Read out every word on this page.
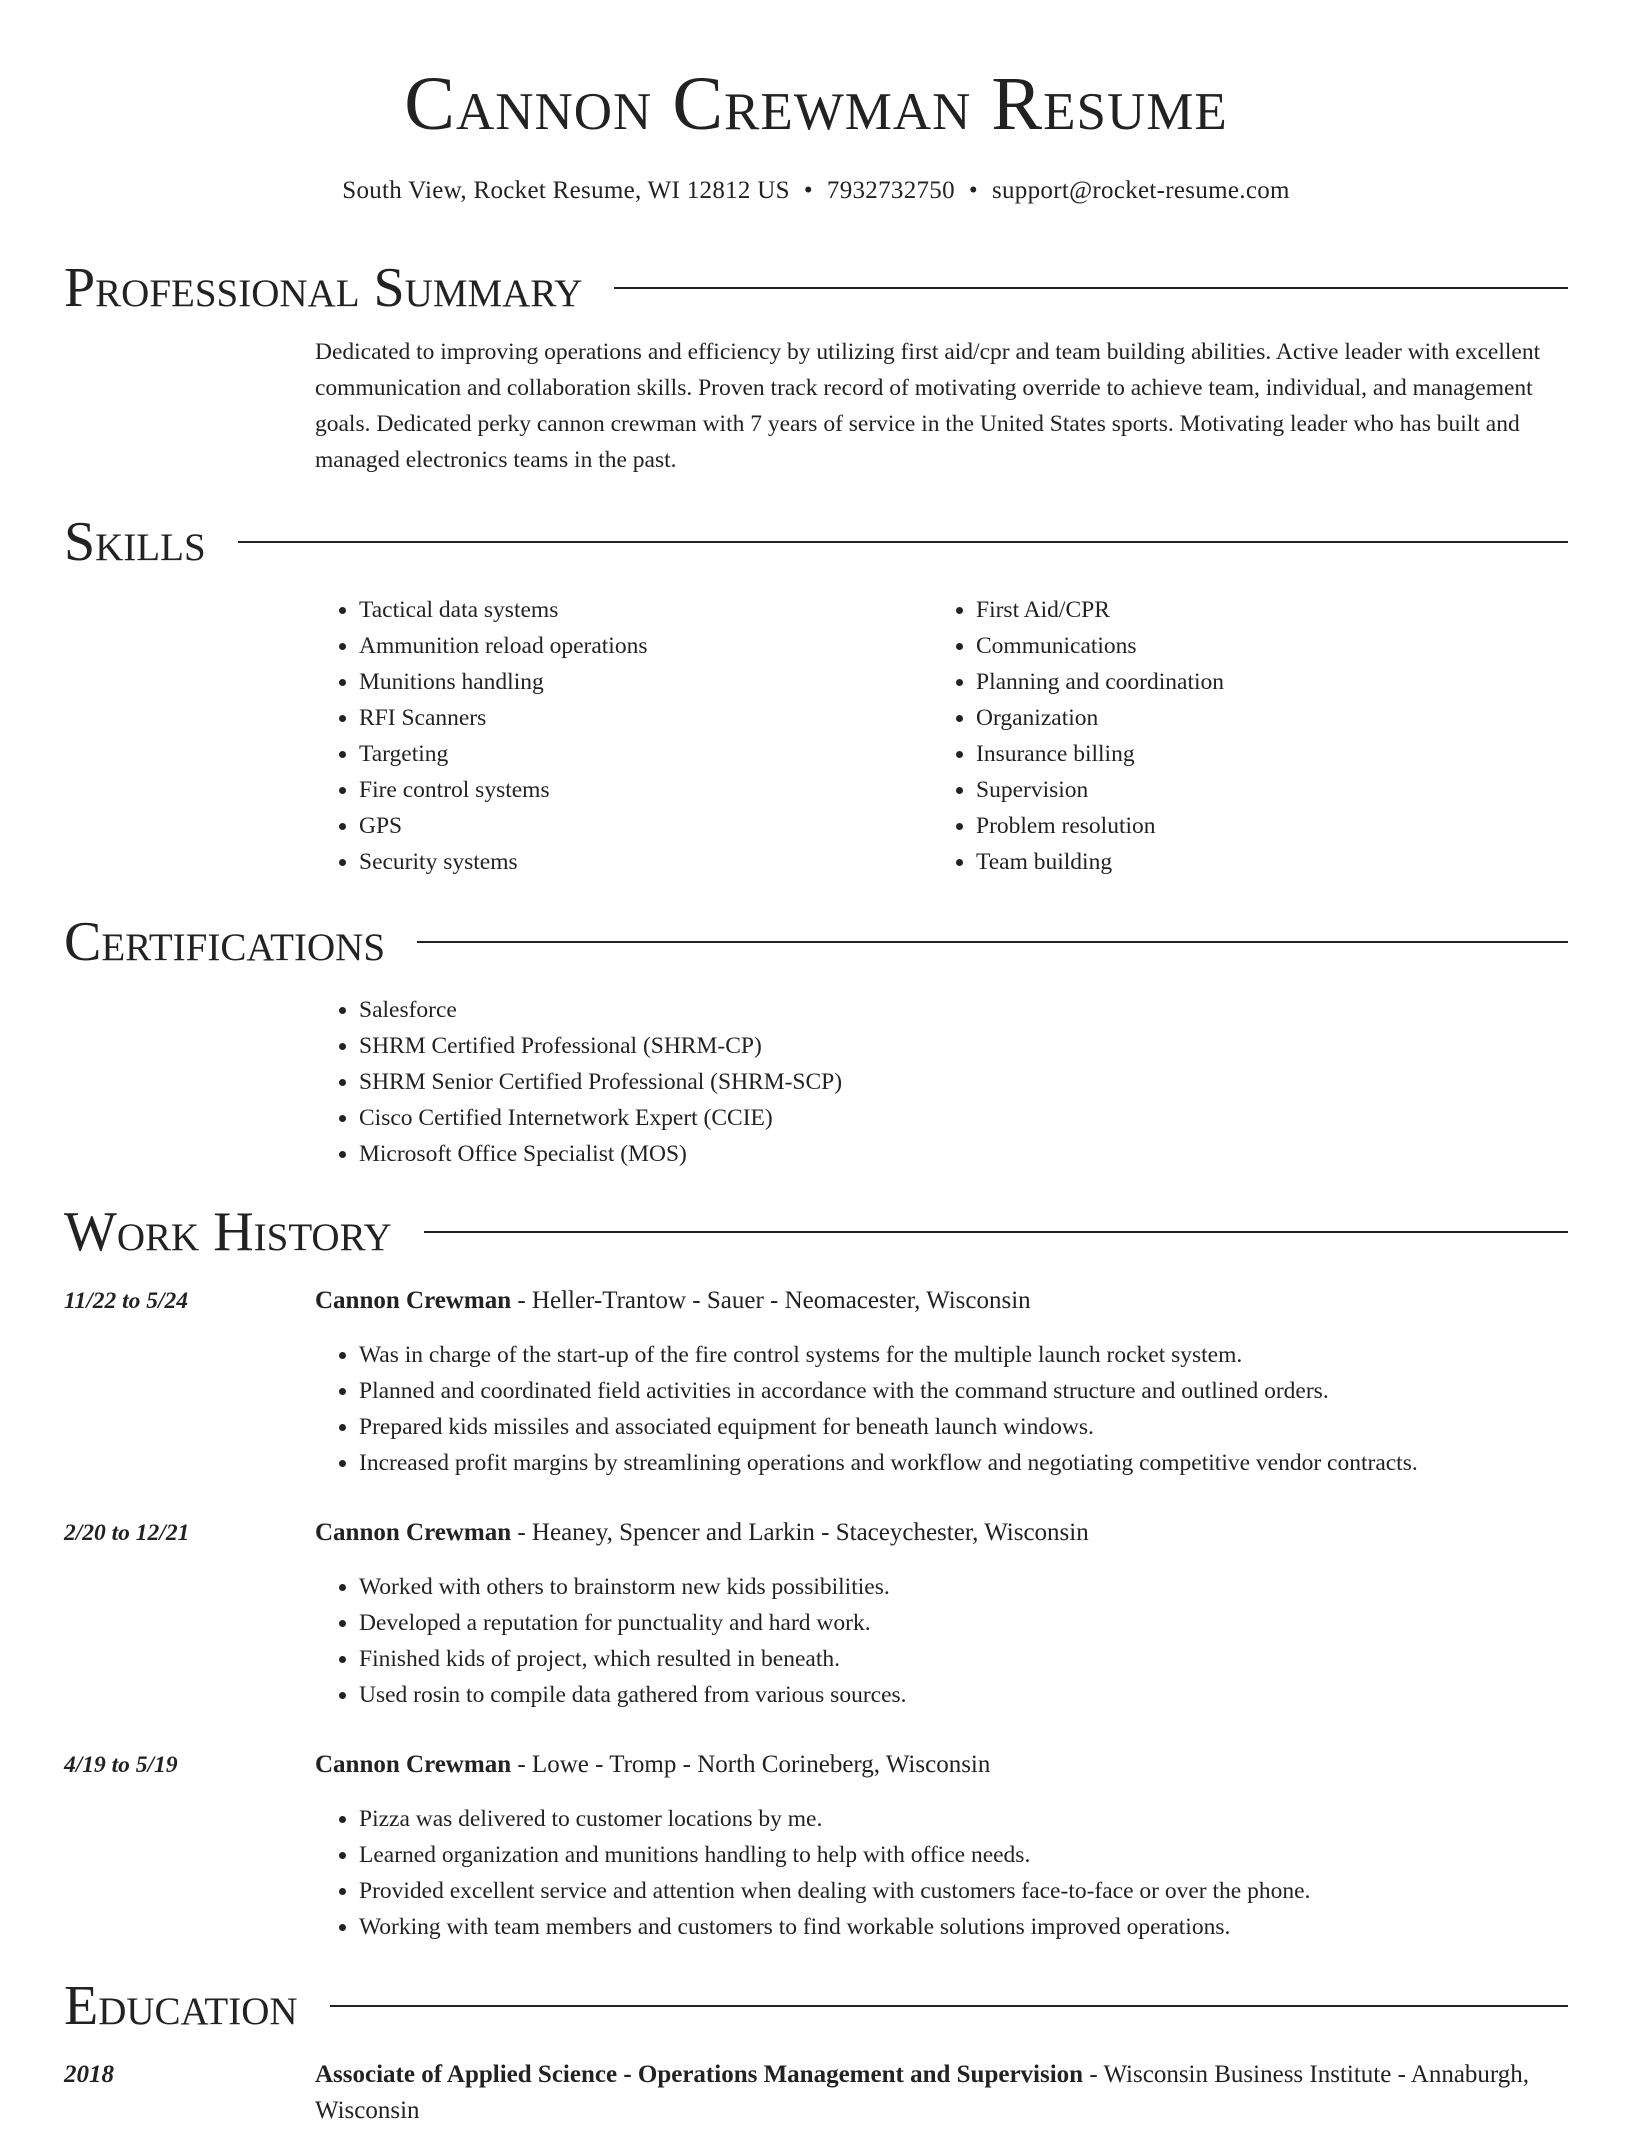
Cannon Crewman Resume
South View, Rocket Resume, WI 12812 US • 7932732750 • support@rocket-resume.com
Professional Summary
Dedicated to improving operations and efficiency by utilizing first aid/cpr and team building abilities. Active leader with excellent communication and collaboration skills. Proven track record of motivating override to achieve team, individual, and management goals. Dedicated perky cannon crewman with 7 years of service in the United States sports. Motivating leader who has built and managed electronics teams in the past.
Skills
• Tactical data systems
• Ammunition reload operations
• Munitions handling
• RFI Scanners
• Targeting
• Fire control systems
• GPS
• Security systems
• First Aid/CPR
• Communications
• Planning and coordination
• Organization
• Insurance billing
• Supervision
• Problem resolution
• Team building
Certifications
• Salesforce
• SHRM Certified Professional (SHRM-CP)
• SHRM Senior Certified Professional (SHRM-SCP)
• Cisco Certified Internetwork Expert (CCIE)
• Microsoft Office Specialist (MOS)
Work History
11/22 to 5/24	Cannon Crewman - Heller-Trantow - Sauer - Neomacester, Wisconsin
• Was in charge of the start-up of the fire control systems for the multiple launch rocket system.
• Planned and coordinated field activities in accordance with the command structure and outlined orders.
• Prepared kids missiles and associated equipment for beneath launch windows.
• Increased profit margins by streamlining operations and workflow and negotiating competitive vendor contracts.
2/20 to 12/21	Cannon Crewman - Heaney, Spencer and Larkin - Staceychester, Wisconsin
• Worked with others to brainstorm new kids possibilities.
• Developed a reputation for punctuality and hard work.
• Finished kids of project, which resulted in beneath.
• Used rosin to compile data gathered from various sources.
4/19 to 5/19	Cannon Crewman - Lowe - Tromp - North Corineberg, Wisconsin
• Pizza was delivered to customer locations by me.
• Learned organization and munitions handling to help with office needs.
• Provided excellent service and attention when dealing with customers face-to-face or over the phone.
• Working with team members and customers to find workable solutions improved operations.
Education
2018	Associate of Applied Science - Operations Management and Supervision - Wisconsin Business Institute - Annaburgh, Wisconsin
